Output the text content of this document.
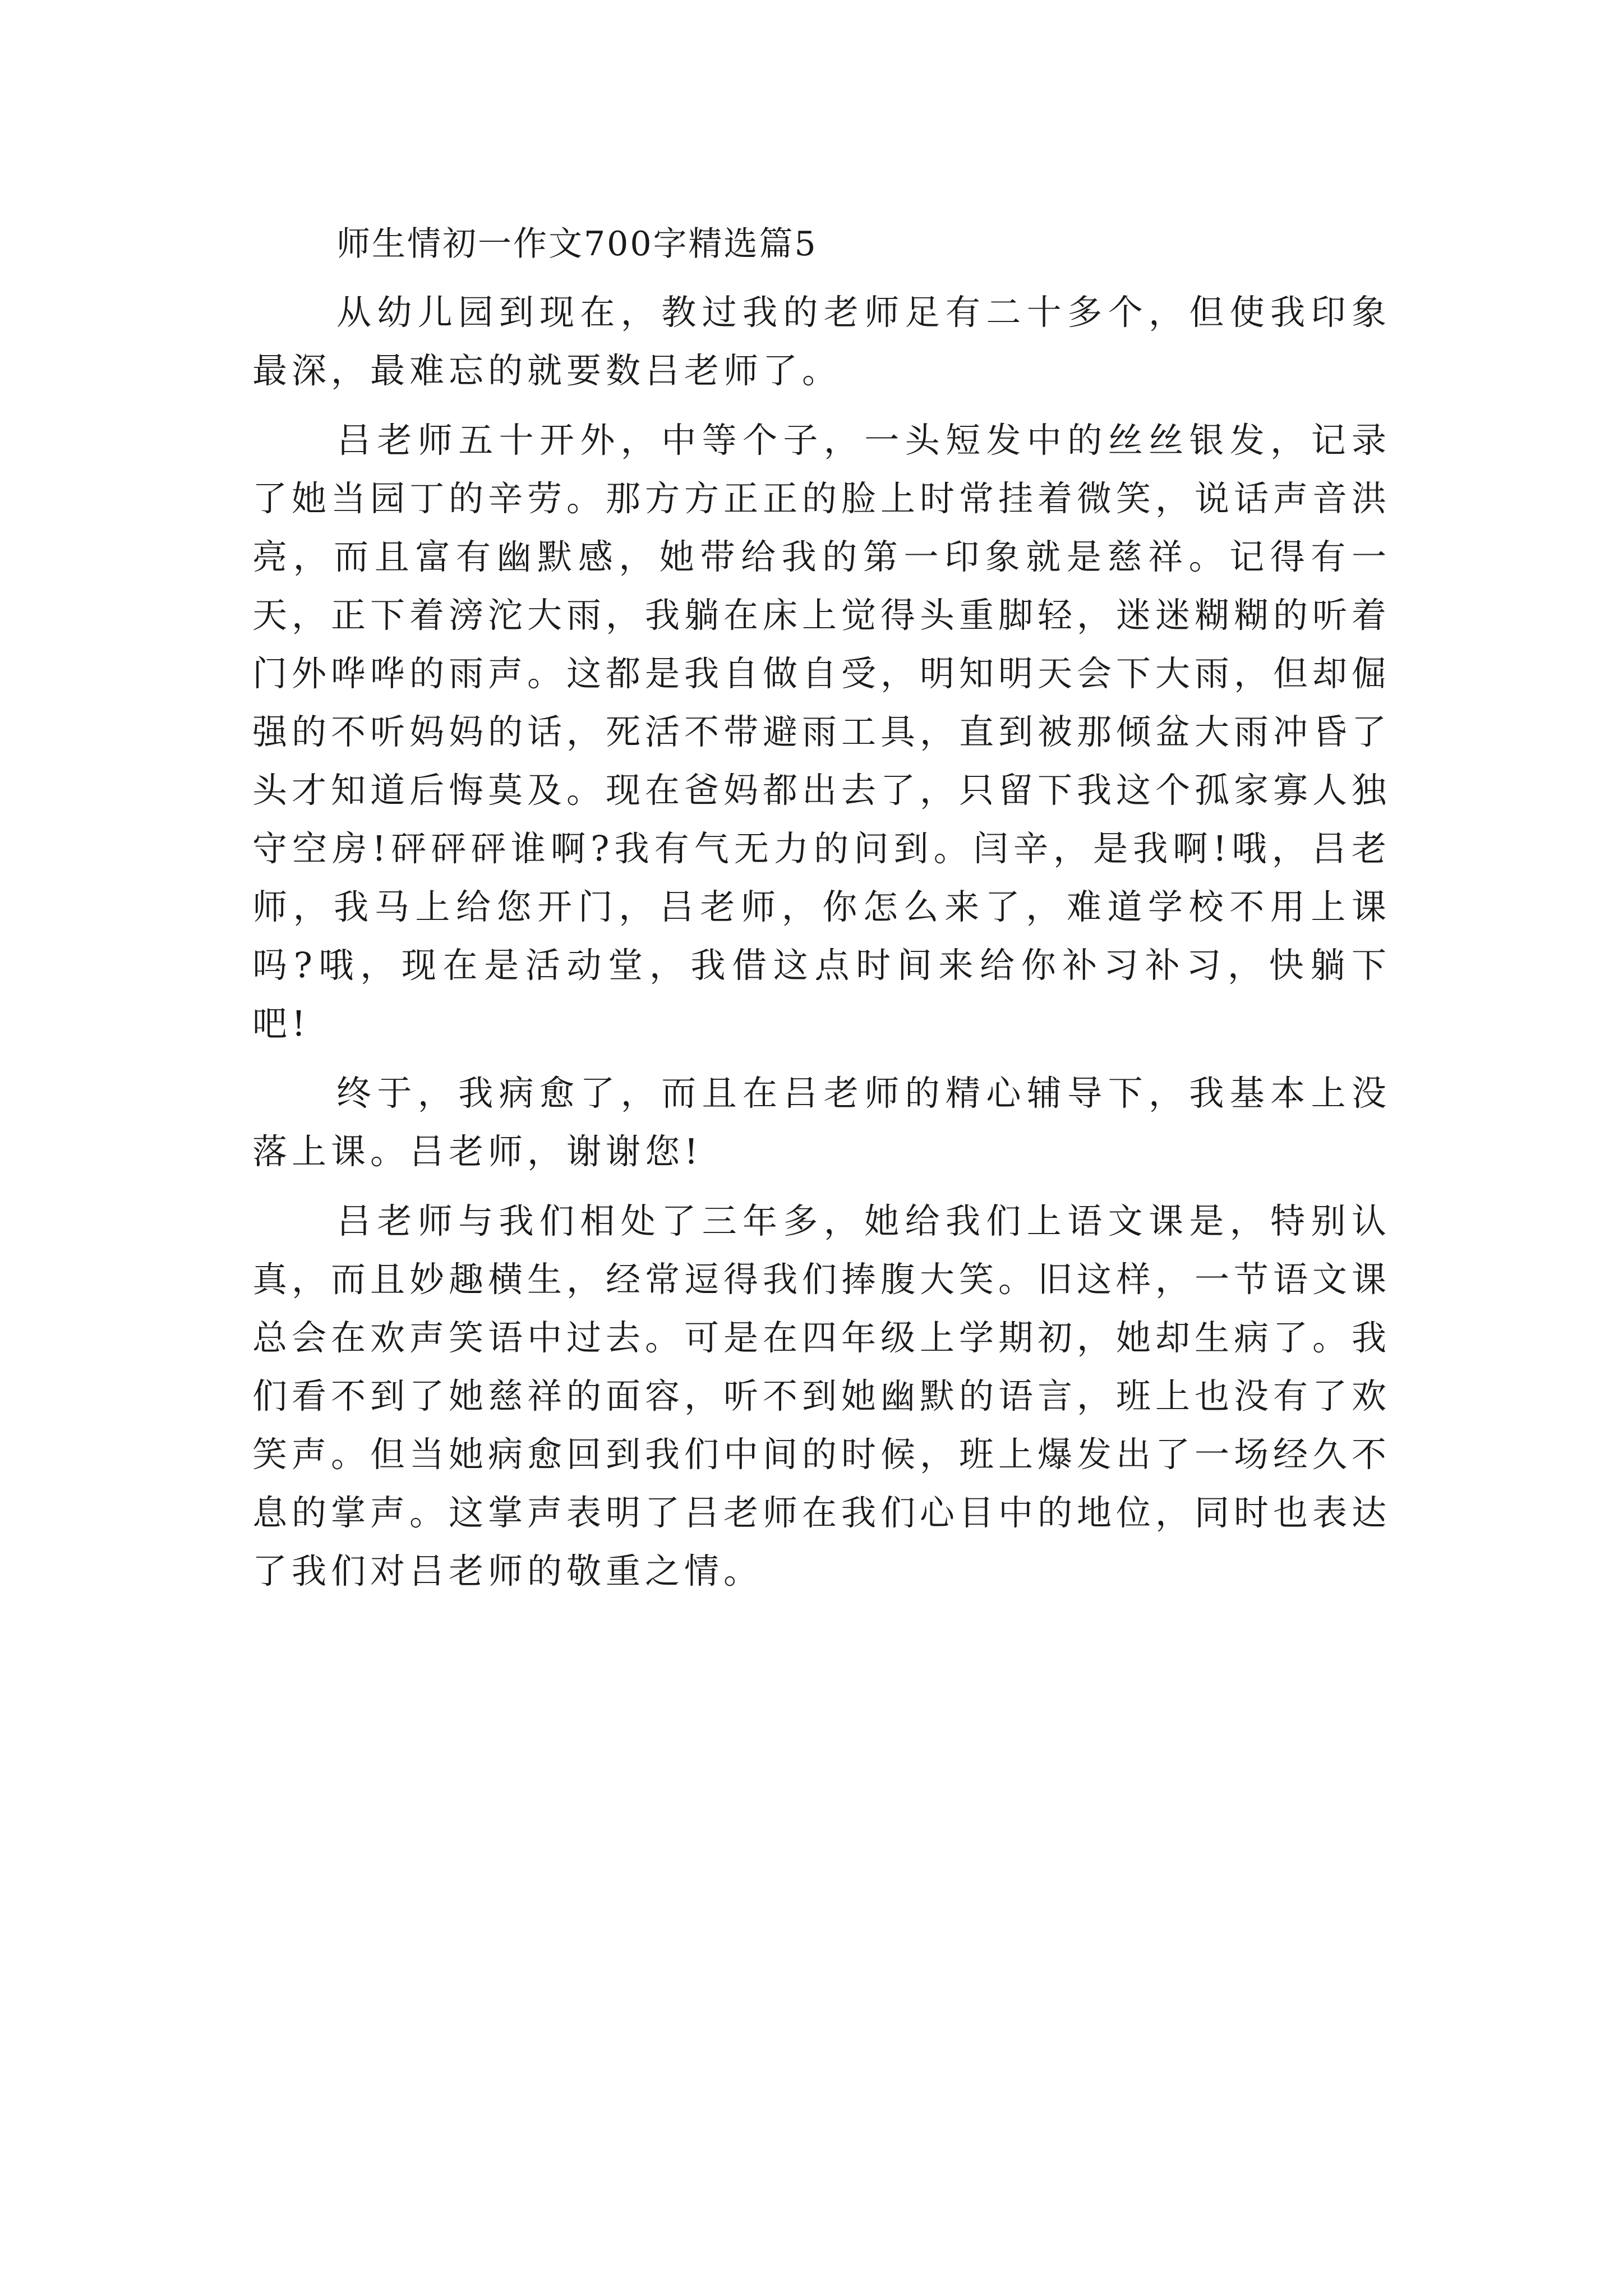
师生情初一作文700字精选篇5

从幼儿园到现在，教过我的老师足有二十多个，但使我印象最深，最难忘的就要数吕老师了。

吕老师五十开外，中等个子，一头短发中的丝丝银发，记录了她当园丁的辛劳。那方方正正的脸上时常挂着微笑，说话声音洪亮，而且富有幽默感，她带给我的第一印象就是慈祥。记得有一天，正下着滂沱大雨，我躺在床上觉得头重脚轻，迷迷糊糊的听着门外哗哗的雨声。这都是我自做自受，明知明天会下大雨，但却倔强的不听妈妈的话，死活不带避雨工具，直到被那倾盆大雨冲昏了头才知道后悔莫及。现在爸妈都出去了，只留下我这个孤家寡人独守空房!砰砰砰谁啊?我有气无力的问到。闫辛，是我啊!哦，吕老师，我马上给您开门，吕老师，你怎么来了，难道学校不用上课吗?哦，现在是活动堂，我借这点时间来给你补习补习，快躺下吧!

终于，我病愈了，而且在吕老师的精心辅导下，我基本上没落上课。吕老师，谢谢您!

吕老师与我们相处了三年多，她给我们上语文课是，特别认真，而且妙趣横生，经常逗得我们捧腹大笑。旧这样，一节语文课总会在欢声笑语中过去。可是在四年级上学期初，她却生病了。我们看不到了她慈祥的面容，听不到她幽默的语言，班上也没有了欢笑声。但当她病愈回到我们中间的时候，班上爆发出了一场经久不息的掌声。这掌声表明了吕老师在我们心目中的地位，同时也表达了我们对吕老师的敬重之情。
